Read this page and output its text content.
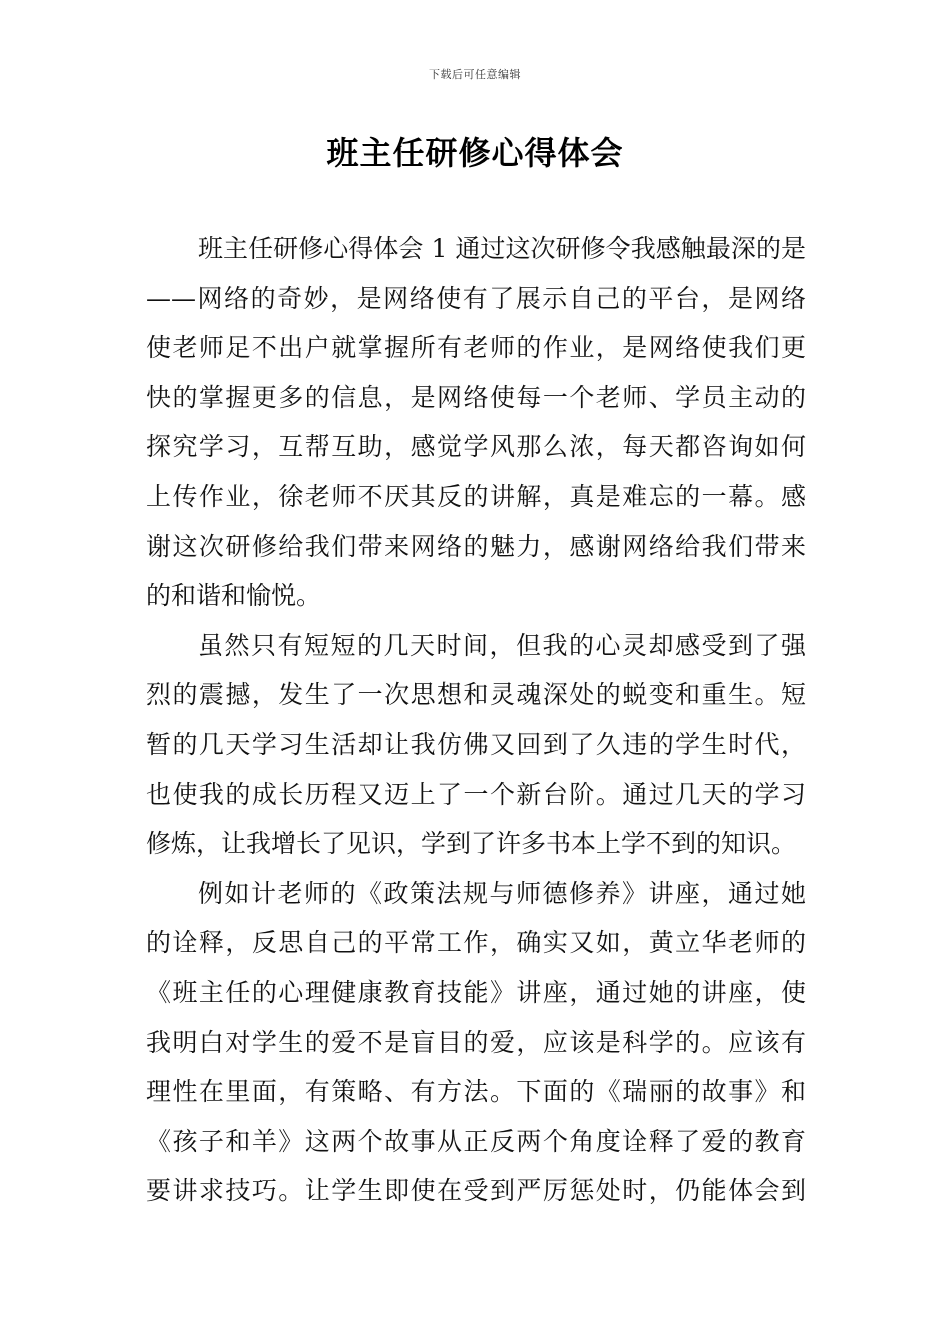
下载后可任意编辑
班主任研修心得体会
班主任研修心得体会 1 通过这次研修令我感触最深的是
——网络的奇妙，是网络使有了展示自己的平台，是网络
使老师足不出户就掌握所有老师的作业，是网络使我们更
快的掌握更多的信息，是网络使每一个老师、学员主动的
探究学习，互帮互助，感觉学风那么浓，每天都咨询如何
上传作业，徐老师不厌其反的讲解，真是难忘的一幕。感
谢这次研修给我们带来网络的魅力，感谢网络给我们带来
的和谐和愉悦。
虽然只有短短的几天时间，但我的心灵却感受到了强
烈的震撼，发生了一次思想和灵魂深处的蜕变和重生。短
暂的几天学习生活却让我仿佛又回到了久违的学生时代，
也使我的成长历程又迈上了一个新台阶。通过几天的学习
修炼，让我增长了见识，学到了许多书本上学不到的知识。
例如计老师的《政策法规与师德修养》讲座，通过她
的诠释，反思自己的平常工作，确实又如，黄立华老师的
《班主任的心理健康教育技能》讲座，通过她的讲座，使
我明白对学生的爱不是盲目的爱，应该是科学的。应该有
理性在里面，有策略、有方法。下面的《瑞丽的故事》和
《孩子和羊》这两个故事从正反两个角度诠释了爱的教育
要讲求技巧。让学生即使在受到严厉惩处时，仍能体会到
